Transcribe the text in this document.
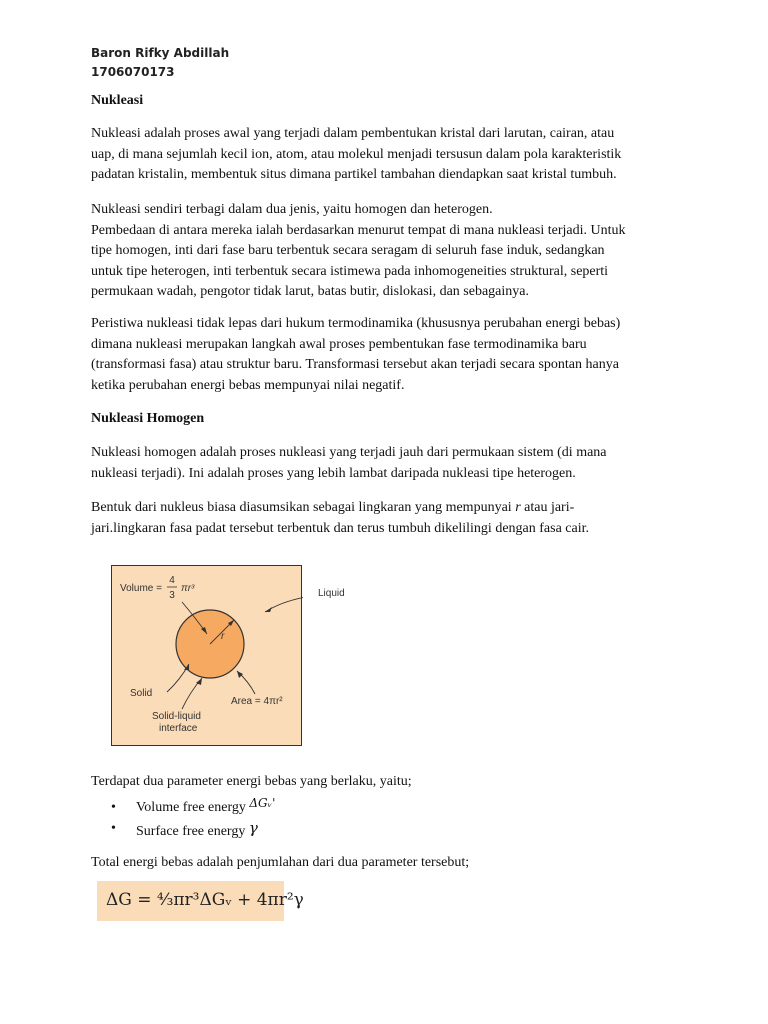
Baron Rifky Abdillah
1706070173
Nukleasi
Nukleasi adalah proses awal yang terjadi dalam pembentukan kristal dari larutan, cairan, atau
uap, di mana sejumlah kecil ion, atom, atau molekul menjadi tersusun dalam pola karakteristik
padatan kristalin, membentuk situs dimana partikel tambahan diendapkan saat kristal tumbuh.
Nukleasi sendiri terbagi dalam dua jenis, yaitu homogen dan heterogen.
Pembedaan di antara mereka ialah berdasarkan menurut tempat di mana nukleasi terjadi. Untuk
tipe homogen, inti dari fase baru terbentuk secara seragam di seluruh fase induk, sedangkan
untuk tipe heterogen, inti terbentuk secara istimewa pada inhomogeneities struktural, seperti
permukaan wadah, pengotor tidak larut, batas butir, dislokasi, dan sebagainya.
Peristiwa nukleasi tidak lepas dari hukum termodinamika (khususnya perubahan energi bebas)
dimana nukleasi merupakan langkah awal proses pembentukan fase termodinamika baru
(transformasi fasa) atau struktur baru. Transformasi tersebut akan terjadi secara spontan hanya
ketika perubahan energi bebas mempunyai nilai negatif.
Nukleasi Homogen
Nukleasi homogen adalah proses nukleasi yang terjadi jauh dari permukaan sistem (di mana
nukleasi terjadi). Ini adalah proses yang lebih lambat daripada nukleasi tipe heterogen.
Bentuk dari nukleus biasa diasumsikan sebagai lingkaran yang mempunyai r atau jari-
jari.lingkaran fasa padat tersebut terbentuk dan terus tumbuh dikelilingi dengan fasa cair.
Volume =
4
3
πr³
r
Solid
Solid-liquid
interface
Area = 4πr²
Liquid
Terdapat dua parameter energi bebas yang berlaku, yaitu;
• Volume free energy ΔGᵥ'
• Surface free energy γ
Total energi bebas adalah penjumlahan dari dua parameter tersebut;
ΔG = ⁴⁄₃πr³ΔGᵥ + 4πr²γ
